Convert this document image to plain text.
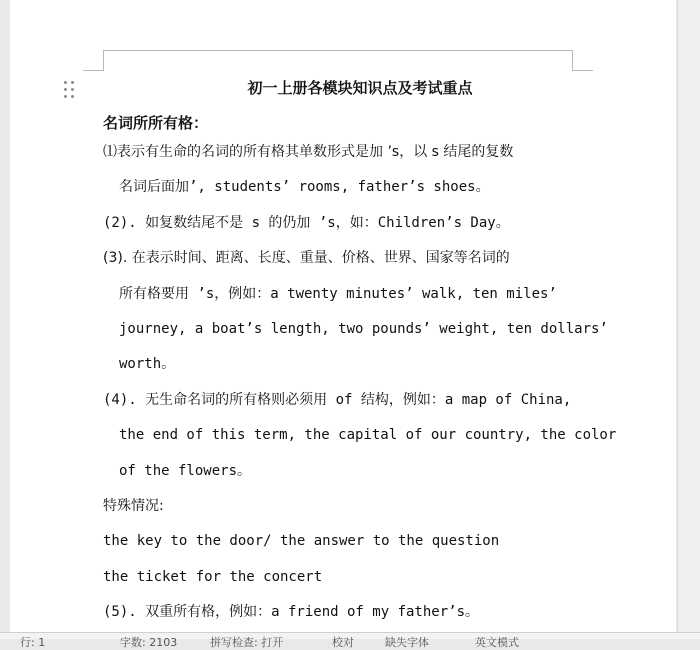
初一上册各模块知识点及考试重点
名词所所有格：
⑴表示有生命的名词的所有格其单数形式是加 ’s，以 s 结尾的复数
名词后面加’, students’ rooms, father’s shoes。
(2). 如复数结尾不是 s 的仍加 ’s，如：Children’s Day。
(3). 在表示时间、距离、长度、重量、价格、世界、国家等名词的
所有格要用 ’s，例如：a twenty minutes’ walk, ten miles’
journey, a boat’s length, two pounds’ weight, ten dollars’
worth。
(4). 无生命名词的所有格则必须用 of 结构，例如：a map of China,
the end of this term, the capital of our country, the color
of the flowers。
特殊情况:
the key to the door/ the answer to the question
the ticket for the concert
(5). 双重所有格，例如：a friend of my father’s。
行: 1	字数: 2103	拼写检查: 打开	校对	缺失字体	英文模式
